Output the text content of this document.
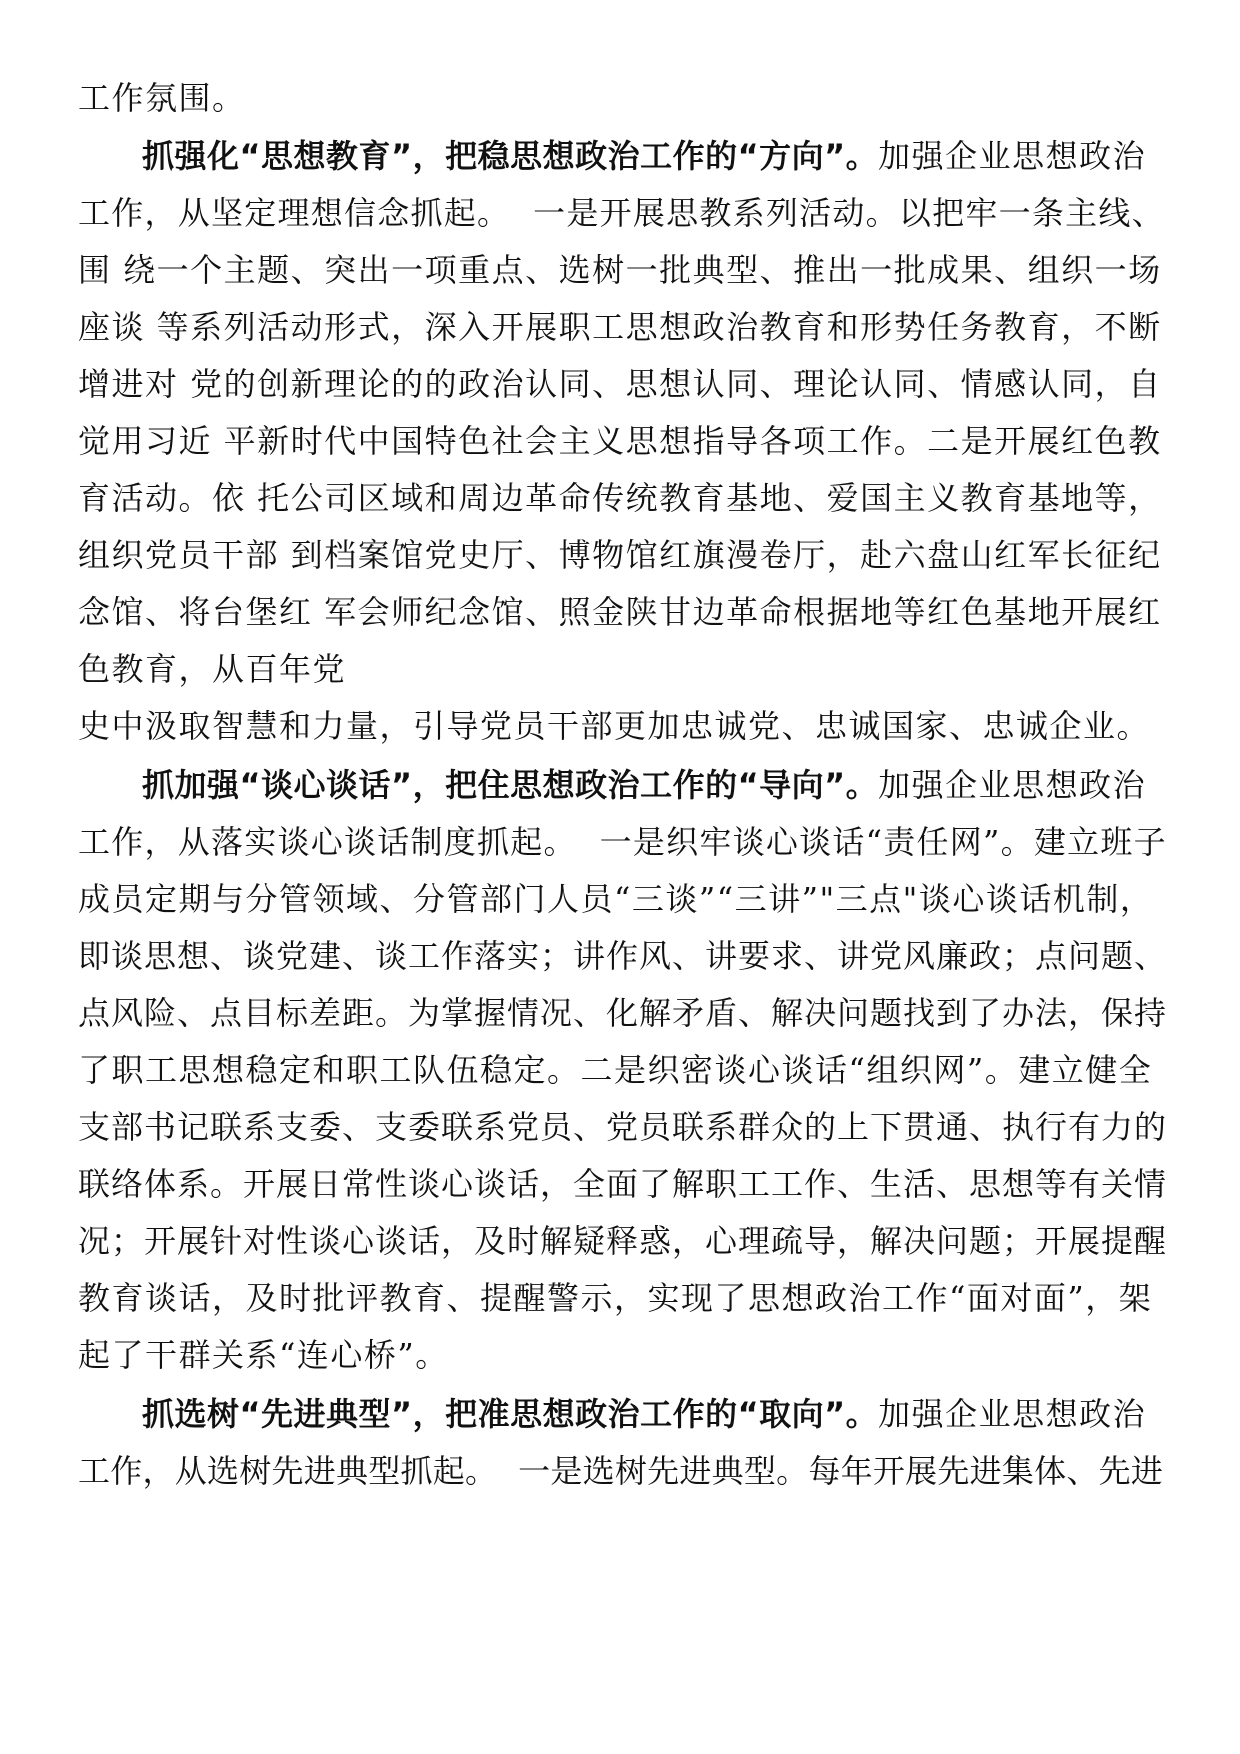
工作氛围。
抓强化“思想教育”，把稳思想政治工作的“方向”。加强企业思想政治
工作，从坚定理想信念抓起。  一是开展思教系列活动。以把牢一条主线、
围 绕一个主题、突出一项重点、选树一批典型、推出一批成果、组织一场
座谈 等系列活动形式，深入开展职工思想政治教育和形势任务教育，不断
增进对 党的创新理论的的政治认同、思想认同、理论认同、情感认同，自
觉用习近 平新时代中国特色社会主义思想指导各项工作。二是开展红色教
育活动。依 托公司区域和周边革命传统教育基地、爱国主义教育基地等，
组织党员干部 到档案馆党史厅、博物馆红旗漫卷厅，赴六盘山红军长征纪
念馆、将台堡红 军会师纪念馆、照金陕甘边革命根据地等红色基地开展红
色教育，从百年党
史中汲取智慧和力量，引导党员干部更加忠诚党、忠诚国家、忠诚企业。
抓加强“谈心谈话”，把住思想政治工作的“导向”。加强企业思想政治
工作，从落实谈心谈话制度抓起。  一是织牢谈心谈话“责任网”。建立班子
成员定期与分管领域、分管部门人员“三谈”“三讲”"三点"谈心谈话机制，
即谈思想、谈党建、谈工作落实；讲作风、讲要求、讲党风廉政；点问题、
点风险、点目标差距。为掌握情况、化解矛盾、解决问题找到了办法，保持
了职工思想稳定和职工队伍稳定。二是织密谈心谈话“组织网”。建立健全
支部书记联系支委、支委联系党员、党员联系群众的上下贯通、执行有力的
联络体系。开展日常性谈心谈话，全面了解职工工作、生活、思想等有关情
况；开展针对性谈心谈话，及时解疑释惑，心理疏导，解决问题；开展提醒
教育谈话，及时批评教育、提醒警示，实现了思想政治工作“面对面”，架
起了干群关系“连心桥”。
抓选树“先进典型”，把准思想政治工作的“取向”。加强企业思想政治
工作，从选树先进典型抓起。  一是选树先进典型。每年开展先进集体、先进
